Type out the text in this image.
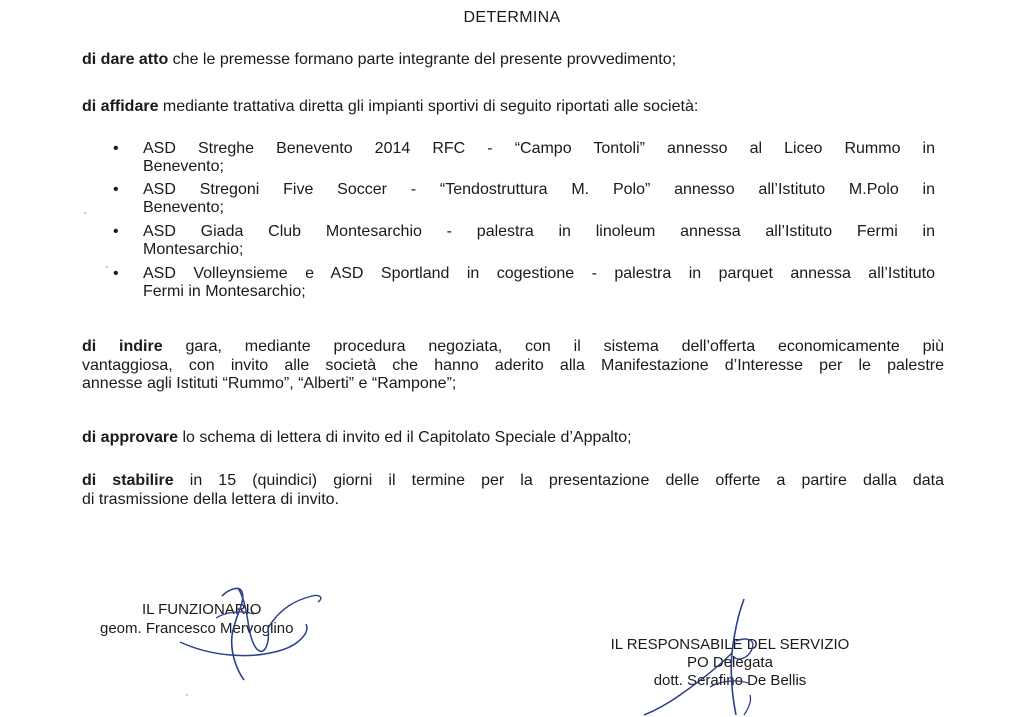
DETERMINA
di dare atto che le premesse formano parte integrante del presente provvedimento;
di affidare mediante trattativa diretta gli impianti sportivi di seguito riportati alle società:
• ASD Streghe Benevento 2014 RFC - “Campo Tontoli” annesso al Liceo Rummo in
Benevento;
• ASD Stregoni Five Soccer - “Tendostruttura M. Polo” annesso all’Istituto M.Polo in
Benevento;
• ASD Giada Club Montesarchio - palestra in linoleum annessa all’Istituto Fermi in
Montesarchio;
• ASD Volleynsieme e ASD Sportland in cogestione - palestra in parquet annessa all’Istituto
Fermi in Montesarchio;
di indire gara, mediante procedura negoziata, con il sistema dell’offerta economicamente più
vantaggiosa, con invito alle società che hanno aderito alla Manifestazione d’Interesse per le palestre
annesse agli Istituti “Rummo”, “Alberti” e “Rampone”;
di approvare lo schema di lettera di invito ed il Capitolato Speciale d’Appalto;
di stabilire in 15 (quindici) giorni il termine per la presentazione delle offerte a partire dalla data
di trasmissione della lettera di invito.
IL FUNZIONARIO
geom. Francesco Mervoglino
IL RESPONSABILE DEL SERVIZIO
PO Delegata
dott. Serafino De Bellis
